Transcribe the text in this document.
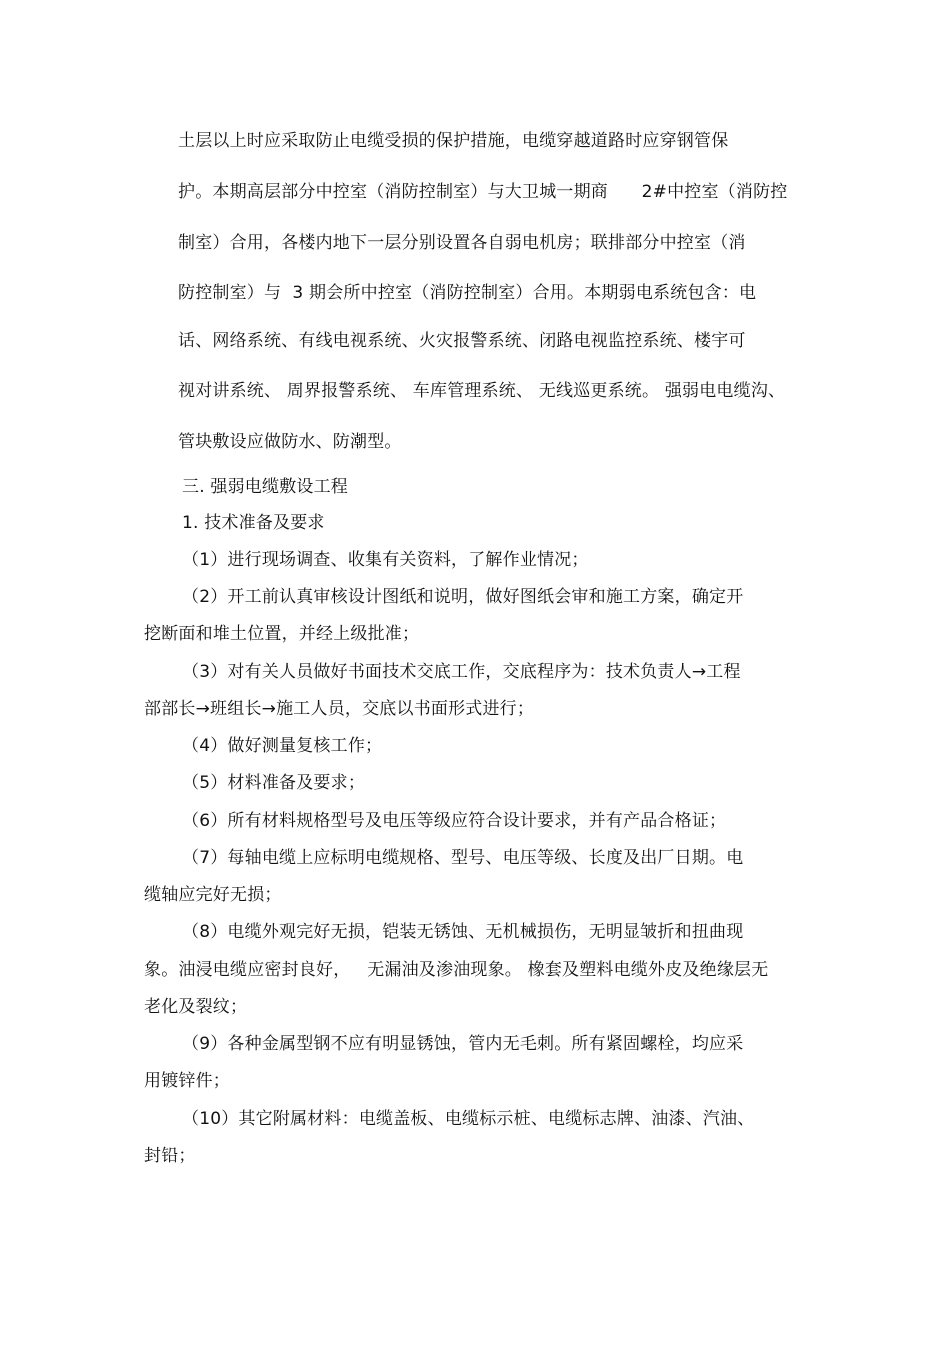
土层以上时应采取防止电缆受损的保护措施，电缆穿越道路时应穿钢管保
护。本期高层部分中控室（消防控制室）与大卫城一期商      2#中控室（消防控
制室）合用，各楼内地下一层分别设置各自弱电机房；联排部分中控室（消
防控制室）与  3 期会所中控室（消防控制室）合用。本期弱电系统包含：电
话、网络系统、有线电视系统、火灾报警系统、闭路电视监控系统、楼宇可
视对讲系统、 周界报警系统、 车库管理系统、 无线巡更系统。 强弱电电缆沟、
管块敷设应做防水、防潮型。
三. 强弱电缆敷设工程
1. 技术准备及要求
（1）进行现场调查、收集有关资料，了解作业情况；
（2）开工前认真审核设计图纸和说明，做好图纸会审和施工方案，确定开
挖断面和堆土位置，并经上级批准；
（3）对有关人员做好书面技术交底工作，交底程序为：技术负责人→工程
部部长→班组长→施工人员，交底以书面形式进行；
（4）做好测量复核工作；
（5）材料准备及要求；
（6）所有材料规格型号及电压等级应符合设计要求，并有产品合格证；
（7）每轴电缆上应标明电缆规格、型号、电压等级、长度及出厂日期。电
缆轴应完好无损；
（8）电缆外观完好无损，铠装无锈蚀、无机械损伤，无明显皱折和扭曲现
象。油浸电缆应密封良好，   无漏油及渗油现象。 橡套及塑料电缆外皮及绝缘层无
老化及裂纹；
（9）各种金属型钢不应有明显锈蚀，管内无毛刺。所有紧固螺栓，均应采
用镀锌件；
（10）其它附属材料：电缆盖板、电缆标示桩、电缆标志牌、油漆、汽油、
封铅；
